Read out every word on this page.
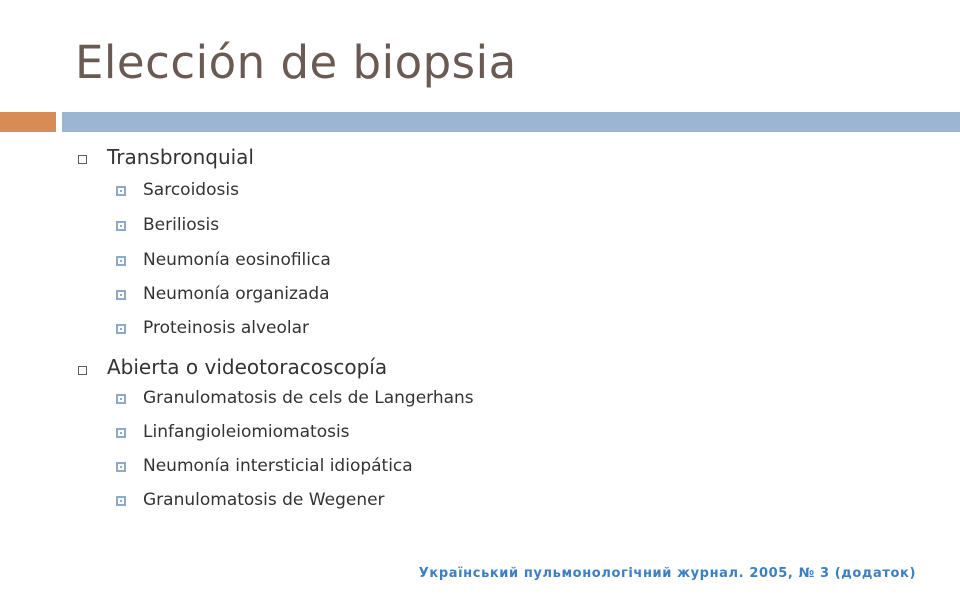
Elección de biopsia
Transbronquial
Sarcoidosis
Beriliosis
Neumonía eosinofilica
Neumonía organizada
Proteinosis alveolar
Abierta o videotoracoscopía
Granulomatosis de cels de Langerhans
Linfangioleiomiomatosis
Neumonía intersticial idiopática
Granulomatosis de Wegener
Український пульмонологічний журнал. 2005, № 3 (додаток)
